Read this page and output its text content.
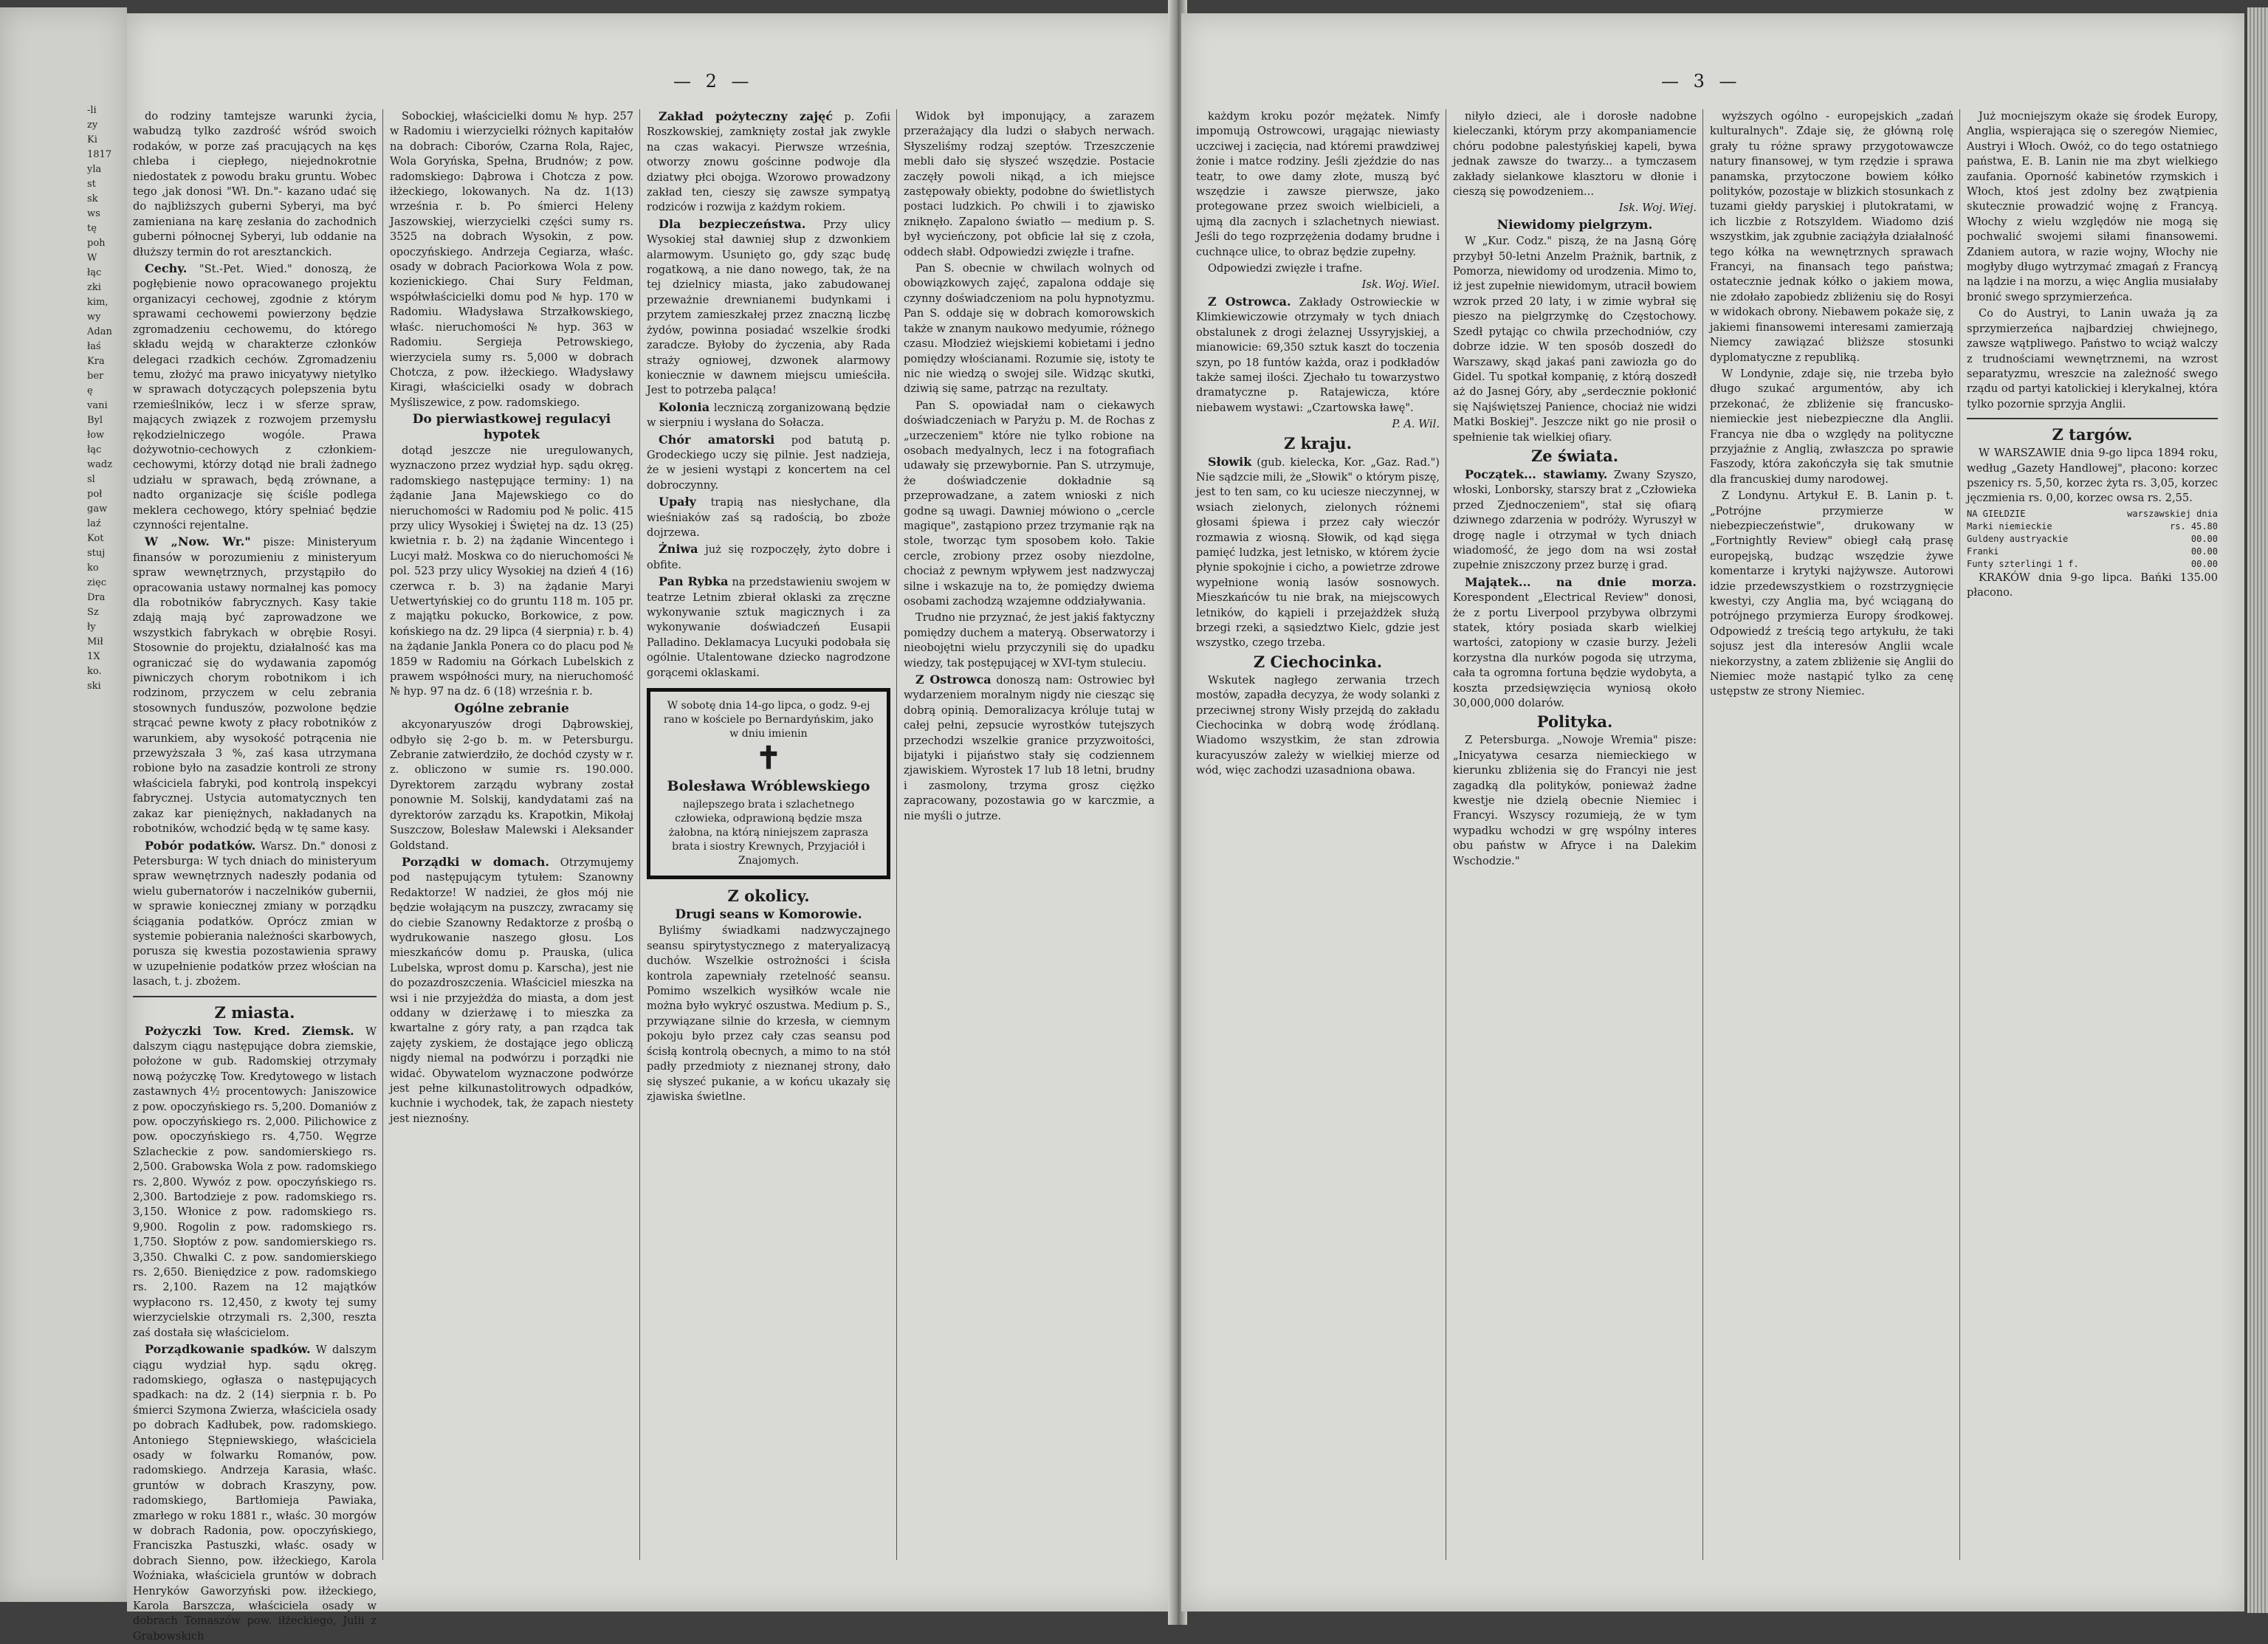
-li
zy
Ki
1817
yla
st
sk
ws
tę
poh
W
łąc
zki
kim,
wy
Adan
łaś
Kra
ber
ę
vani
Byl
łow
łąc
wadz
sl
poł
gaw
laź
Kot
stuj
ko
zięc
Dra
Sz
ły
Mił
1X
ko.
ski
— 2 —

do rodziny tamtejsze warunki życia, wabudzą tylko zazdrość wśród swoich rodaków, w porze zaś pracujących na kęs chleba i ciepłego, niejednokrotnie niedostatek z powodu braku gruntu. Wobec tego ,jak donosi "Wł. Dn."- kazano udać się do najbliższych guberni Syberyi, ma być zamieniana na karę zesłania do zachodnich guberni północnej Syberyi, lub oddanie na dłuższy termin do rot aresztanckich.

Cechy. "St.-Pet. Wied." donoszą, że pogłębienie nowo opracowanego projektu organizacyi cechowej, zgodnie z którym sprawami cechowemi powierzony będzie zgromadzeniu cechowemu, do którego składu wejdą w charakterze członków delegaci rzadkich cechów. Zgromadzeniu temu, złożyć ma prawo inicyatywy nietylko w sprawach dotyczących polepszenia bytu rzemieślników, lecz i w sferze spraw, mających związek z rozwojem przemysłu rękodzielniczego wogóle. Prawa dożywotnio-cechowych z członkiem-cechowymi, którzy dotąd nie brali żadnego udziału w sprawach, będą zrównane, a nadto organizacje się ściśle podlega meklera cechowego, który spełniać będzie czynności rejentalne.

W „Now. Wr." pisze: Ministeryum finansów w porozumieniu z ministeryum spraw wewnętrznych, przystąpiło do opracowania ustawy normalnej kas pomocy dla robotników fabrycznych. Kasy takie zdają mają być zaprowadzone we wszystkich fabrykach w obrębie Rosyi. Stosownie do projektu, działalność kas ma ograniczać się do wydawania zapomóg piwniczych chorym robotnikom i ich rodzinom, przyczem w celu zebrania stosownych funduszów, pozwolone będzie strącać pewne kwoty z płacy robotników z warunkiem, aby wysokość potrącenia nie przewyższała 3 %, zaś kasa utrzymana robione było na zasadzie kontroli ze strony właściciela fabryki, pod kontrolą inspekcyi fabrycznej. Ustycia automatycznych ten zakaz kar pieniężnych, nakładanych na robotników, wchodzić będą w tę same kasy.

Pobór podatków. Warsz. Dn." donosi z Petersburga: W tych dniach do ministeryum spraw wewnętrznych nadeszły podania od wielu gubernatorów i naczelników gubernii, w sprawie koniecznej zmiany w porządku ściągania podatków. Oprócz zmian w systemie pobierania należności skarbowych, porusza się kwestia pozostawienia sprawy w uzupełnienie podatków przez włościan na lasach, t. j. zbożem.

Z miasta.

Pożyczki Tow. Kred. Ziemsk. W dalszym ciągu następujące dobra ziemskie, położone w gub. Radomskiej otrzymały nową pożyczkę Tow. Kredytowego w listach zastawnych 4½ procentowych: Janiszowice z pow. opoczyńskiego rs. 5,200. Domaniów z pow. opoczyńskiego rs. 2,000. Pilichowice z pow. opoczyńskiego rs. 4,750. Węgrze Szlacheckie z pow. sandomierskiego rs. 2,500. Grabowska Wola z pow. radomskiego rs. 2,800. Wywóz z pow. opoczyńskiego rs. 2,300. Bartodzieje z pow. radomskiego rs. 3,150. Włonice z pow. radomskiego rs. 9,900. Rogolin z pow. radomskiego rs. 1,750. Słoptów z pow. sandomierskiego rs. 3,350. Chwalki C. z pow. sandomierskiego rs. 2,650. Bieniędzice z pow. radomskiego rs. 2,100. Razem na 12 majątków wypłacono rs. 12,450, z kwoty tej sumy wierzycielskie otrzymali rs. 2,300, reszta zaś dostała się właścicielom.

Porządkowanie spadków. W dalszym ciągu wydział hyp. sądu okręg. radomskiego, ogłasza o następujących spadkach: na dz. 2 (14) sierpnia r. b. Po śmierci Szymona Zwierza, właściciela osady po dobrach Kadłubek, pow. radomskiego. Antoniego Stępniewskiego, właściciela osady w folwarku Romanów, pow. radomskiego. Andrzeja Karasia, właśc. gruntów w dobrach Kraszyny, pow. radomskiego, Bartłomieja Pawiaka, zmarłego w roku 1881 r., właśc. 30 morgów w dobrach Radonia, pow. opoczyńskiego, Franciszka Pastuszki, właśc. osady w dobrach Sienno, pow. iłżeckiego, Karola Woźniaka, właściciela gruntów w dobrach Henryków Gaworzyński pow. iłżeckiego, Karola Barszcza, właściciela osady w dobrach Tomaszów pow. iłżeckiego, Julii z Grabowskich

Sobockiej, właścicielki domu № hyp. 257 w Radomiu i wierzycielki różnych kapitałów na dobrach: Ciborów, Czarna Rola, Rajec, Wola Goryńska, Spełna, Brudnów; z pow. radomskiego: Dąbrowa i Chotcza z pow. iłżeckiego, lokowanych. Na dz. 1(13) września r. b. Po śmierci Heleny Jaszowskiej, wierzycielki części sumy rs. 3525 na dobrach Wysokin, z pow. opoczyńskiego. Andrzeja Cegiarza, właśc. osady w dobrach Paciorkowa Wola z pow. kozienickiego. Chai Sury Feldman, współwłaścicielki domu pod № hyp. 170 w Radomiu. Władysława Strzałkowskiego, właśc. nieruchomości № hyp. 363 w Radomiu. Sergieja Petrowskiego, wierzyciela sumy rs. 5,000 w dobrach Chotcza, z pow. iłżeckiego. Władysławy Kiragi, właścicielki osady w dobrach Myśliszewice, z pow. radomskiego.

Do pierwiastkowej regulacyi hypotek

dotąd jeszcze nie uregulowanych, wyznaczono przez wydział hyp. sądu okręg. radomskiego następujące terminy: 1) na żądanie Jana Majewskiego co do nieruchomości w Radomiu pod № polic. 415 przy ulicy Wysokiej i Świętej na dz. 13 (25) kwietnia r. b. 2) na żądanie Wincentego i Lucyi małż. Moskwa co do nieruchomości № pol. 523 przy ulicy Wysokiej na dzień 4 (16) czerwca r. b. 3) na żądanie Maryi Uetwertyńskiej co do gruntu 118 m. 105 pr. z majątku pokucko, Borkowice, z pow. końskiego na dz. 29 lipca (4 sierpnia) r. b. 4) na żądanie Jankla Ponera co do placu pod № 1859 w Radomiu na Górkach Lubelskich z prawem współności mury, na nieruchomość № hyp. 97 na dz. 6 (18) września r. b.

Ogólne zebranie

akcyonaryuszów drogi Dąbrowskiej, odbyło się 2-go b. m. w Petersburgu. Zebranie zatwierdziło, że dochód czysty w r. z. obliczono w sumie rs. 190.000. Dyrektorem zarządu wybrany został ponownie M. Solskij, kandydatami zaś na dyrektorów zarządu ks. Krapotkin, Mikołaj Suszczow, Bolesław Malewski i Aleksander Goldstand.

Porządki w domach. Otrzymujemy pod następującym tytułem: Szanowny Redaktorze! W nadziei, że głos mój nie będzie wołającym na puszczy, zwracamy się do ciebie Szanowny Redaktorze z prośbą o wydrukowanie naszego głosu. Los mieszkańców domu p. Prauska, (ulica Lubelska, wprost domu p. Karscha), jest nie do pozazdroszczenia. Właściciel mieszka na wsi i nie przyjeżdża do miasta, a dom jest oddany w dzierżawę i to mieszka za kwartalne z góry raty, a pan rządca tak zajęty zyskiem, że dostające jego obliczą nigdy niemal na podwórzu i porządki nie widać. Obywatelom wyznaczone podwórze jest pełne kilkunastolitrowych odpadków, kuchnie i wychodek, tak, że zapach niestety jest nieznośny.

Zakład pożyteczny zajęć p. Zofii Roszkowskiej, zamknięty został jak zwykle na czas wakacyi. Pierwsze września, otworzy znowu gościnne podwoje dla dziatwy płci obojga. Wzorowo prowadzony zakład ten, cieszy się zawsze sympatyą rodziców i rozwija z każdym rokiem.

Dla bezpieczeństwa. Przy ulicy Wysokiej stał dawniej słup z dzwonkiem alarmowym. Usunięto go, gdy sząc budę rogatkową, a nie dano nowego, tak, że na tej dzielnicy miasta, jako zabudowanej przeważnie drewnianemi budynkami i przytem zamieszkałej przez znaczną liczbę żydów, powinna posiadać wszelkie środki zaradcze. Byłoby do życzenia, aby Rada straży ogniowej, dzwonek alarmowy koniecznie w dawnem miejscu umieściła. Jest to potrzeba paląca!

Kolonia leczniczą zorganizowaną będzie w sierpniu i wysłana do Sołacza.

Chór amatorski pod batutą p. Grodeckiego uczy się pilnie. Jest nadzieja, że w jesieni wystąpi z koncertem na cel dobroczynny.

Upały trapią nas niesłychane, dla wieśniaków zaś są radością, bo zboże dojrzewa.

Żniwa już się rozpoczęły, żyto dobre i obfite.

Pan Rybka na przedstawieniu swojem w teatrze Letnim zbierał oklaski za zręczne wykonywanie sztuk magicznych i za wykonywanie doświadczeń Eusapii Palladino. Deklamacya Lucyuki podobała się ogólnie. Utalentowane dziecko nagrodzone gorącemi oklaskami.

W sobotę dnia 14-go lipca, o godz. 9-ej rano w kościele po Bernardyńskim, jako w dniu imienin
✝
Bolesława Wróblewskiego
najlepszego brata i szlachetnego człowieka, odprawioną będzie msza żałobna, na którą niniejszem zaprasza brata i siostry Krewnych, Przyjaciół i Znajomych.

Z okolicy.

Drugi seans w Komorowie.

Byliśmy świadkami nadzwyczajnego seansu spirytystycznego z materyalizacyą duchów. Wszelkie ostrożności i ścisła kontrola zapewniały rzetelność seansu. Pomimo wszelkich wysiłków wcale nie można było wykryć oszustwa. Medium p. S., przywiązane silnie do krzesła, w ciemnym pokoju było przez cały czas seansu pod ścisłą kontrolą obecnych, a mimo to na stół padły przedmioty z nieznanej strony, dało się słyszeć pukanie, a w końcu ukazały się zjawiska świetlne.

Widok był imponujący, a zarazem przerażający dla ludzi o słabych nerwach. Słyszeliśmy rodzaj szeptów. Trzeszczenie mebli dało się słyszeć wszędzie. Postacie zaczęły powoli nikąd, a ich miejsce zastępowały obiekty, podobne do świetlistych postaci ludzkich. Po chwili i to zjawisko zniknęło. Zapalono światło — medium p. S. był wycieńczony, pot obficie lał się z czoła, oddech słabł. Odpowiedzi zwięzłe i trafne.

Pan S. obecnie w chwilach wolnych od obowiązkowych zajęć, zapalona oddaje się czynny doświadczeniom na polu hypnotyzmu. Pan S. oddaje się w dobrach komorowskich także w znanym naukowo medyumie, różnego czasu. Młodzież wiejskiemi kobietami i jedno pomiędzy włościanami. Rozumie się, istoty te nic nie wiedzą o swojej sile. Widząc skutki, dziwią się same, patrząc na rezultaty.

Pan S. opowiadał nam o ciekawych doświadczeniach w Paryżu p. M. de Rochas z „urzeczeniem" które nie tylko robione na osobach medyalnych, lecz i na fotografiach udawały się przewybornie. Pan S. utrzymuje, że doświadczenie dokładnie są przeprowadzane, a zatem wnioski z nich godne są uwagi. Dawniej mówiono o „cercle magique", zastąpiono przez trzymanie rąk na stole, tworząc tym sposobem koło. Takie cercle, zrobiony przez osoby niezdolne, chociaż z pewnym wpływem jest nadzwyczaj silne i wskazuje na to, że pomiędzy dwiema osobami zachodzą wzajemne oddziaływania.

Trudno nie przyznać, że jest jakiś faktyczny pomiędzy duchem a materyą. Obserwatorzy i nieobojętni wielu przyczynili się do upadku wiedzy, tak postępującej w XVI-tym stuleciu.

Z Ostrowca donoszą nam: Ostrowiec był wydarzeniem moralnym nigdy nie ciesząc się dobrą opinią. Demoralizacya króluje tutaj w całej pełni, zepsucie wyrostków tutejszych przechodzi wszelkie granice przyzwoitości, bijatyki i pijaństwo stały się codziennem zjawiskiem. Wyrostek 17 lub 18 letni, brudny i zasmolony, trzyma grosz ciężko zapracowany, pozostawia go w karczmie, a nie myśli o jutrze.

— 3 —

każdym kroku pozór mężatek. Nimfy impomują Ostrowcowi, urągając niewiasty uczciwej i zacięcia, nad któremi prawdziwej żonie i matce rodziny. Jeśli zjeździe do nas teatr, to owe damy złote, muszą być wszędzie i zawsze pierwsze, jako protegowane przez swoich wielbicieli, a ujmą dla zacnych i szlachetnych niewiast. Jeśli do tego rozprzężenia dodamy brudne i cuchnące ulice, to obraz będzie zupełny.

Odpowiedzi zwięzłe i trafne.

Isk. Woj. Wiel.

Z Ostrowca. Zakłady Ostrowieckie w Klimkiewiczowie otrzymały w tych dniach obstalunek z drogi żelaznej Ussyryjskiej, a mianowicie: 69,350 sztuk kaszt do toczenia szyn, po 18 funtów każda, oraz i podkładów także samej ilości. Zjechało tu towarzystwo dramatyczne p. Ratajewicza, które niebawem wystawi: „Czartowska ławę".

P. A. Wil.

Z kraju.

Słowik (gub. kielecka, Kor. „Gaz. Rad.") Nie sądzcie mili, że „Słowik" o którym piszę, jest to ten sam, co ku uciesze nieczynnej, w wsiach zielonych, zielonych różnemi głosami śpiewa i przez cały wieczór rozmawia z wiosną. Słowik, od kąd sięga pamięć ludzka, jest letnisko, w którem życie płynie spokojnie i cicho, a powietrze zdrowe wypełnione wonią lasów sosnowych. Mieszkańców tu nie brak, na miejscowych letników, do kąpieli i przejażdżek służą brzegi rzeki, a sąsiedztwo Kielc, gdzie jest wszystko, czego trzeba.

Z Ciechocinka.

Wskutek nagłego zerwania trzech mostów, zapadła decyzya, że wody solanki z przeciwnej strony Wisły przejdą do zakładu Ciechocinka w dobrą wodę źródlaną. Wiadomo wszystkim, że stan zdrowia kuracyuszów zależy w wielkiej mierze od wód, więc zachodzi uzasadniona obawa.

niłyło dzieci, ale i dorosłe nadobne kieleczanki, którym przy akompaniamencie chóru podobne palestyńskiej kapeli, bywa jednak zawsze do twarzy... a tymczasem zakłady sielankowe klasztoru w dłonie i cieszą się powodzeniem...

Isk. Woj. Wiej.

Niewidomy pielgrzym.

W „Kur. Codz." piszą, że na Jasną Górę przybył 50-letni Anzelm Prażnik, bartnik, z Pomorza, niewidomy od urodzenia. Mimo to, iż jest zupełnie niewidomym, utracił bowiem wzrok przed 20 laty, i w zimie wybrał się pieszo na pielgrzymkę do Częstochowy. Szedł pytając co chwila przechodniów, czy dobrze idzie. W ten sposób doszedł do Warszawy, skąd jakaś pani zawiozła go do Gidel. Tu spotkał kompanię, z którą doszedł aż do Jasnej Góry, aby „serdecznie pokłonić się Najświętszej Panience, chociaż nie widzi Matki Boskiej". Jeszcze nikt go nie prosił o spełnienie tak wielkiej ofiary.

Ze świata.

Początek... stawiamy. Zwany Szyszo, włoski, Lonborsky, starszy brat z „Człowieka przed Zjednoczeniem", stał się ofiarą dziwnego zdarzenia w podróży. Wyruszył w drogę nagle i otrzymał w tych dniach wiadomość, że jego dom na wsi został zupełnie zniszczony przez burzę i grad.

Majątek... na dnie morza. Korespondent „Electrical Review" donosi, że z portu Liverpool przybywa olbrzymi statek, który posiada skarb wielkiej wartości, zatopiony w czasie burzy. Jeżeli korzystna dla nurków pogoda się utrzyma, cała ta ogromna fortuna będzie wydobyta, a koszta przedsięwzięcia wyniosą około 30,000,000 dolarów.

Polityka.

Z Petersburga. „Nowoje Wremia" pisze: „Inicyatywa cesarza niemieckiego w kierunku zbliżenia się do Francyi nie jest zagadką dla polityków, ponieważ żadne kwestje nie dzielą obecnie Niemiec i Francyi. Wszyscy rozumieją, że w tym wypadku wchodzi w grę wspólny interes obu państw w Afryce i na Dalekim Wschodzie."

wyższych ogólno - europejskich „zadań kulturalnych". Zdaje się, że główną rolę grały tu różne sprawy przygotowawcze natury finansowej, w tym rzędzie i sprawa panamska, przytoczone bowiem kółko polityków, pozostaje w blizkich stosunkach z tuzami giełdy paryskiej i plutokratami, w ich liczbie z Rotszyldem. Wiadomo dziś wszystkim, jak zgubnie zaciążyła działalność tego kółka na wewnętrznych sprawach Francyi, na finansach tego państwa; ostatecznie jednak kółko o jakiem mowa, nie zdołało zapobiedz zbliżeniu się do Rosyi w widokach obrony. Niebawem pokaże się, z jakiemi finansowemi interesami zamierzają Niemcy zawiązać bliższe stosunki dyplomatyczne z republiką.

W Londynie, zdaje się, nie trzeba było długo szukać argumentów, aby ich przekonać, że zbliżenie się francusko-niemieckie jest niebezpieczne dla Anglii. Francya nie dba o względy na polityczne przyjaźnie z Anglią, zwłaszcza po sprawie Faszody, która zakończyła się tak smutnie dla francuskiej dumy narodowej.

Z Londynu. Artykuł E. B. Lanin p. t. „Potrójne przymierze w niebezpieczeństwie", drukowany w „Fortnightly Review" obiegł całą prasę europejską, budząc wszędzie żywe komentarze i krytyki najżywsze. Autorowi idzie przedewszystkiem o rozstrzygnięcie kwestyi, czy Anglia ma, być wciąganą do potrójnego przymierza Europy środkowej. Odpowiedź z treścią tego artykułu, że taki sojusz jest dla interesów Anglii wcale niekorzystny, a zatem zbliżenie się Anglii do Niemiec może nastąpić tylko za cenę ustępstw ze strony Niemiec.

Już mocniejszym okaże się środek Europy, Anglia, wspierająca się o szeregów Niemiec, Austryi i Włoch. Owóż, co do tego ostatniego państwa, E. B. Lanin nie ma zbyt wielkiego zaufania. Oporność kabinetów rzymskich i Włoch, ktoś jest zdolny bez zwątpienia skutecznie prowadzić wojnę z Francyą. Włochy z wielu względów nie mogą się pochwalić swojemi siłami finansowemi. Zdaniem autora, w razie wojny, Włochy nie mogłyby długo wytrzymać zmagań z Francyą na lądzie i na morzu, a więc Anglia musiałaby bronić swego sprzymierzeńca.

Co do Austryi, to Lanin uważa ją za sprzymierzeńca najbardziej chwiejnego, zawsze wątpliwego. Państwo to wciąż walczy z trudnościami wewnętrznemi, na wzrost separatyzmu, wreszcie na zależność swego rządu od partyi katolickiej i klerykalnej, która tylko pozornie sprzyja Anglii.

Z targów.

W WARSZAWIE dnia 9-go lipca 1894 roku, według „Gazety Handlowej", płacono: korzec pszenicy rs. 5,50, korzec żyta rs. 3,05, korzec jęczmienia rs. 0,00, korzec owsa rs. 2,55.

NA GIEŁDZIE	warszawskiej dnia
Marki niemieckie	rs. 45.80
Guldeny austryackie	00.00
Franki	00.00
Funty szterlingi 1 f.	00.00

KRAKÓW dnia 9-go lipca. Bańki 135.00 płacono.
